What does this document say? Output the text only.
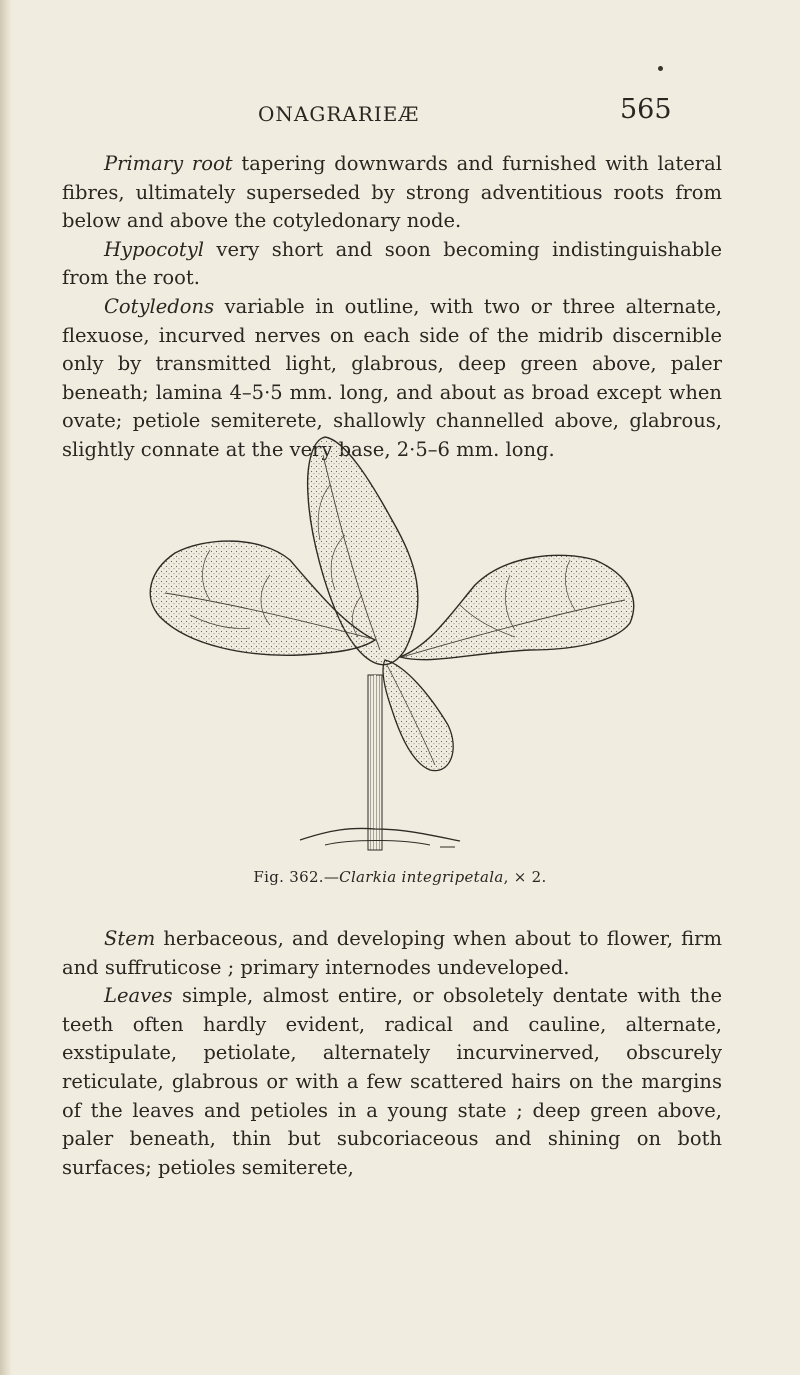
ONAGRARIEÆ	565

Primary root tapering downwards and furnished with lateral fibres, ultimately superseded by strong adventitious roots from below and above the cotyledonary node.

Hypocotyl very short and soon becoming indistinguishable from the root.

Cotyledons variable in outline, with two or three alternate, flexuose, incurved nerves on each side of the midrib discernible only by transmitted light, glabrous, deep green above, paler beneath; lamina 4–5·5 mm. long, and about as broad except when ovate; petiole semiterete, shallowly channelled above, glabrous, slightly connate at the very base, 2·5–6 mm. long.

Fig. 362.—Clarkia integripetala, × 2.

Stem herbaceous, and developing when about to flower, firm and suffruticose ; primary internodes undeveloped.

Leaves simple, almost entire, or obsoletely dentate with the teeth often hardly evident, radical and cauline, alternate, exstipulate, petiolate, alternately incurvinerved, obscurely reticulate, glabrous or with a few scattered hairs on the margins of the leaves and petioles in a young state ; deep green above, paler beneath, thin but subcoriaceous and shining on both surfaces; petioles semiterete,
